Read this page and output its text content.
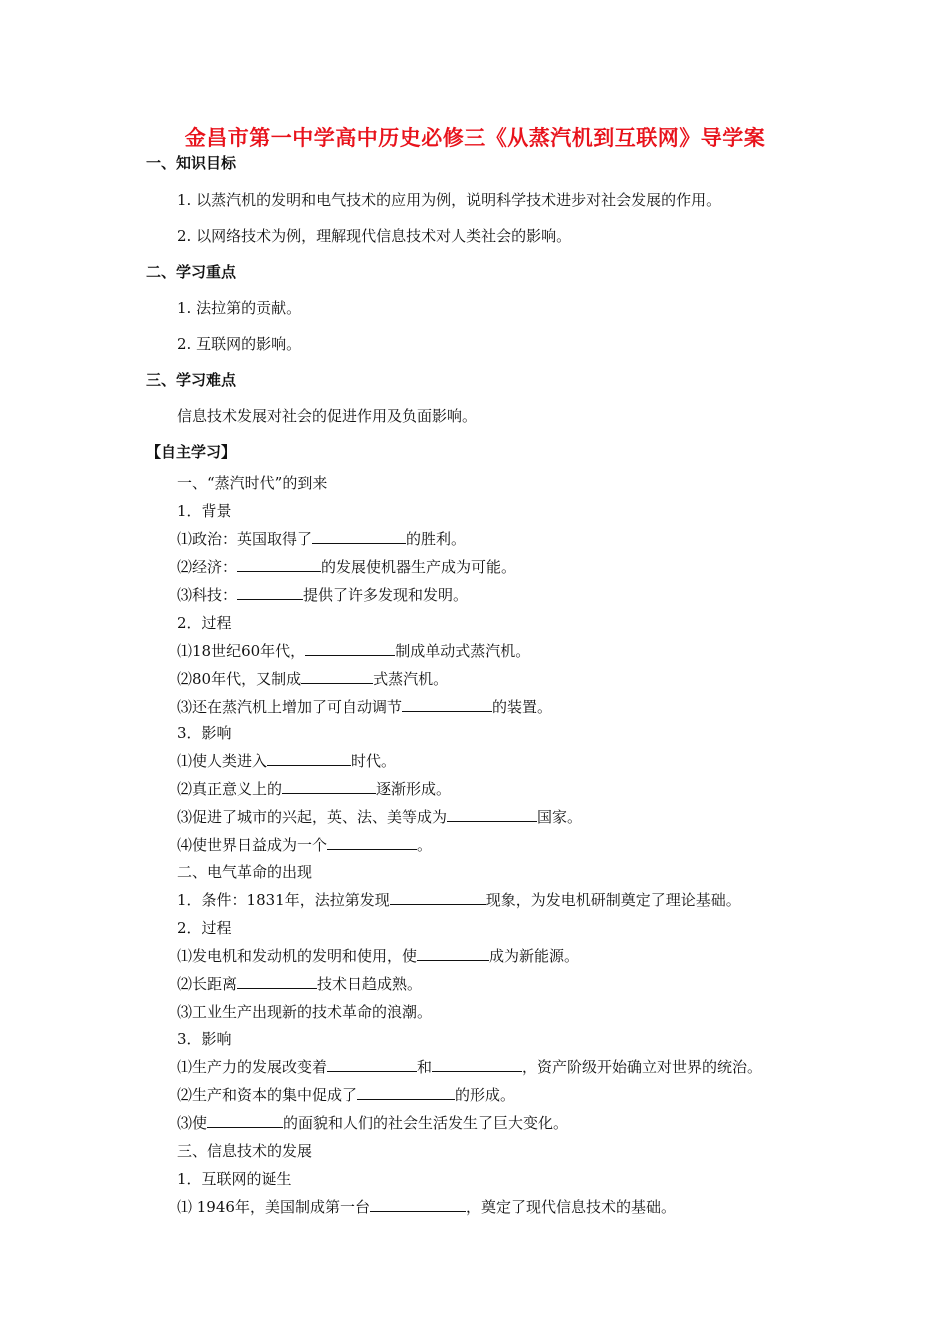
金昌市第一中学高中历史必修三《从蒸汽机到互联网》导学案
一、知识目标
1. 以蒸汽机的发明和电气技术的应用为例，说明科学技术进步对社会发展的作用。
2. 以网络技术为例，理解现代信息技术对人类社会的影响。
二、学习重点
1. 法拉第的贡献。
2. 互联网的影响。
三、学习难点
信息技术发展对社会的促进作用及负面影响。
【自主学习】
一、“蒸汽时代”的到来
1．背景
⑴政治：英国取得了	的胜利。
⑵经济：	的发展使机器生产成为可能。
⑶科技：	提供了许多发现和发明。
2．过程
⑴18世纪60年代，	制成单动式蒸汽机。
⑵80年代，又制成	式蒸汽机。
⑶还在蒸汽机上增加了可自动调节	的装置。
3．影响
⑴使人类进入	时代。
⑵真正意义上的	逐渐形成。
⑶促进了城市的兴起，英、法、美等成为	国家。
⑷使世界日益成为一个	。
二、电气革命的出现
1．条件：1831年，法拉第发现	现象，为发电机研制奠定了理论基础。
2．过程
⑴发电机和发动机的发明和使用，使	成为新能源。
⑵长距离	技术日趋成熟。
⑶工业生产出现新的技术革命的浪潮。
3．影响
⑴生产力的发展改变着	和	，资产阶级开始确立对世界的统治。
⑵生产和资本的集中促成了	的形成。
⑶使	的面貌和人们的社会生活发生了巨大变化。
三、信息技术的发展
1．互联网的诞生
⑴ 1946年，美国制成第一台	，奠定了现代信息技术的基础。
